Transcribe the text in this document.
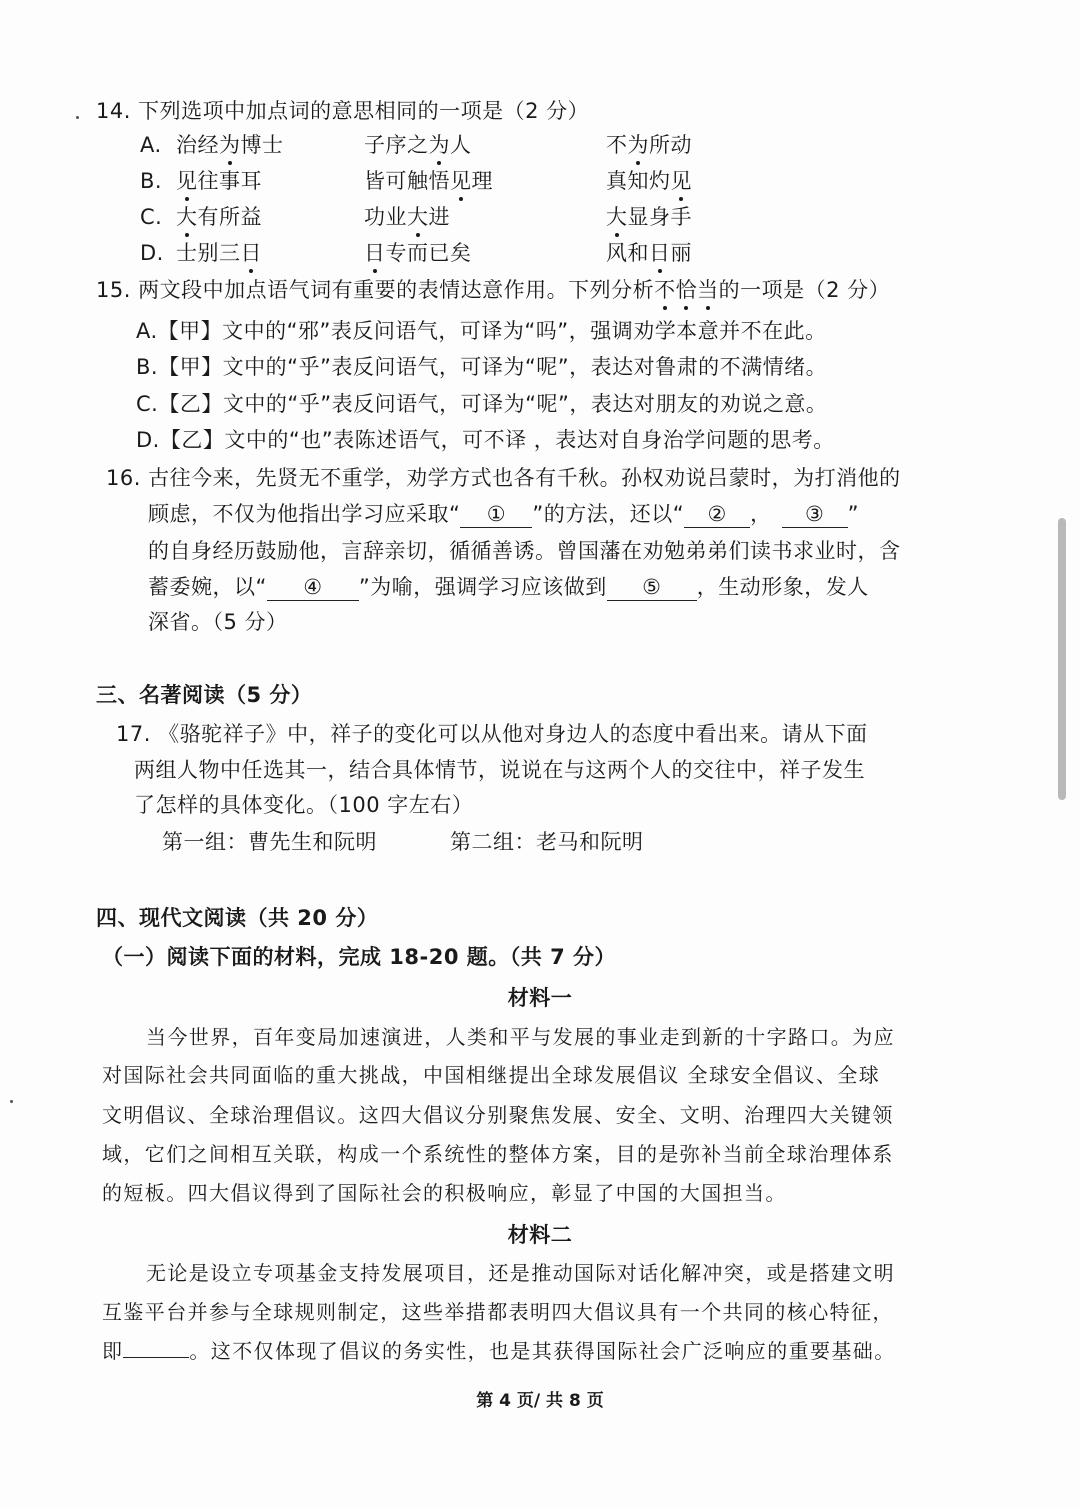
14. 下列选项中加点词的意思相同的一项是（2 分）
A. 治经为博士	子序之为人	不为所动
B. 见往事耳	皆可触悟见理	真知灼见
C. 大有所益	功业大进	大显身手
D. 士别三日	日专而已矣	风和日丽
15. 两文段中加点语气词有重要的表情达意作用。下列分析不恰当的一项是（2 分）
A.【甲】文中的“邪”表反问语气，可译为“吗”，强调劝学本意并不在此。
B.【甲】文中的“乎”表反问语气，可译为“呢”，表达对鲁肃的不满情绪。
C.【乙】文中的“乎”表反问语气，可译为“呢”，表达对朋友的劝说之意。
D.【乙】文中的“也”表陈述语气，可不译 ，表达对自身治学问题的思考。
16. 古往今来，先贤无不重学，劝学方式也各有千秋。孙权劝说吕蒙时，为打消他的
顾虑，不仅为他指出学习应采取“ ① ”的方法，还以“ ② ， ③ ”
的自身经历鼓励他，言辞亲切，循循善诱。曾国藩在劝勉弟弟们读书求业时，含
蓄委婉，以“ ④ ”为喻，强调学习应该做到 ⑤ ，生动形象，发人
深省。（5 分）
三、名著阅读（5 分）
17. 《骆驼祥子》中，祥子的变化可以从他对身边人的态度中看出来。请从下面
两组人物中任选其一，结合具体情节，说说在与这两个人的交往中，祥子发生
了怎样的具体变化。（100 字左右）
第一组：曹先生和阮明	第二组：老马和阮明
四、现代文阅读（共 20 分）
（一）阅读下面的材料，完成 18-20 题。（共 7 分）
材料一
当今世界，百年变局加速演进，人类和平与发展的事业走到新的十字路口。为应
对国际社会共同面临的重大挑战，中国相继提出全球发展倡议 全球安全倡议、全球
文明倡议、全球治理倡议。这四大倡议分别聚焦发展、安全、文明、治理四大关键领
域，它们之间相互关联，构成一个系统性的整体方案，目的是弥补当前全球治理体系
的短板。四大倡议得到了国际社会的积极响应，彰显了中国的大国担当。
材料二
无论是设立专项基金支持发展项目，还是推动国际对话化解冲突，或是搭建文明
互鉴平台并参与全球规则制定，这些举措都表明四大倡议具有一个共同的核心特征，
即	。这不仅体现了倡议的务实性，也是其获得国际社会广泛响应的重要基础。
第 4 页/ 共 8 页
